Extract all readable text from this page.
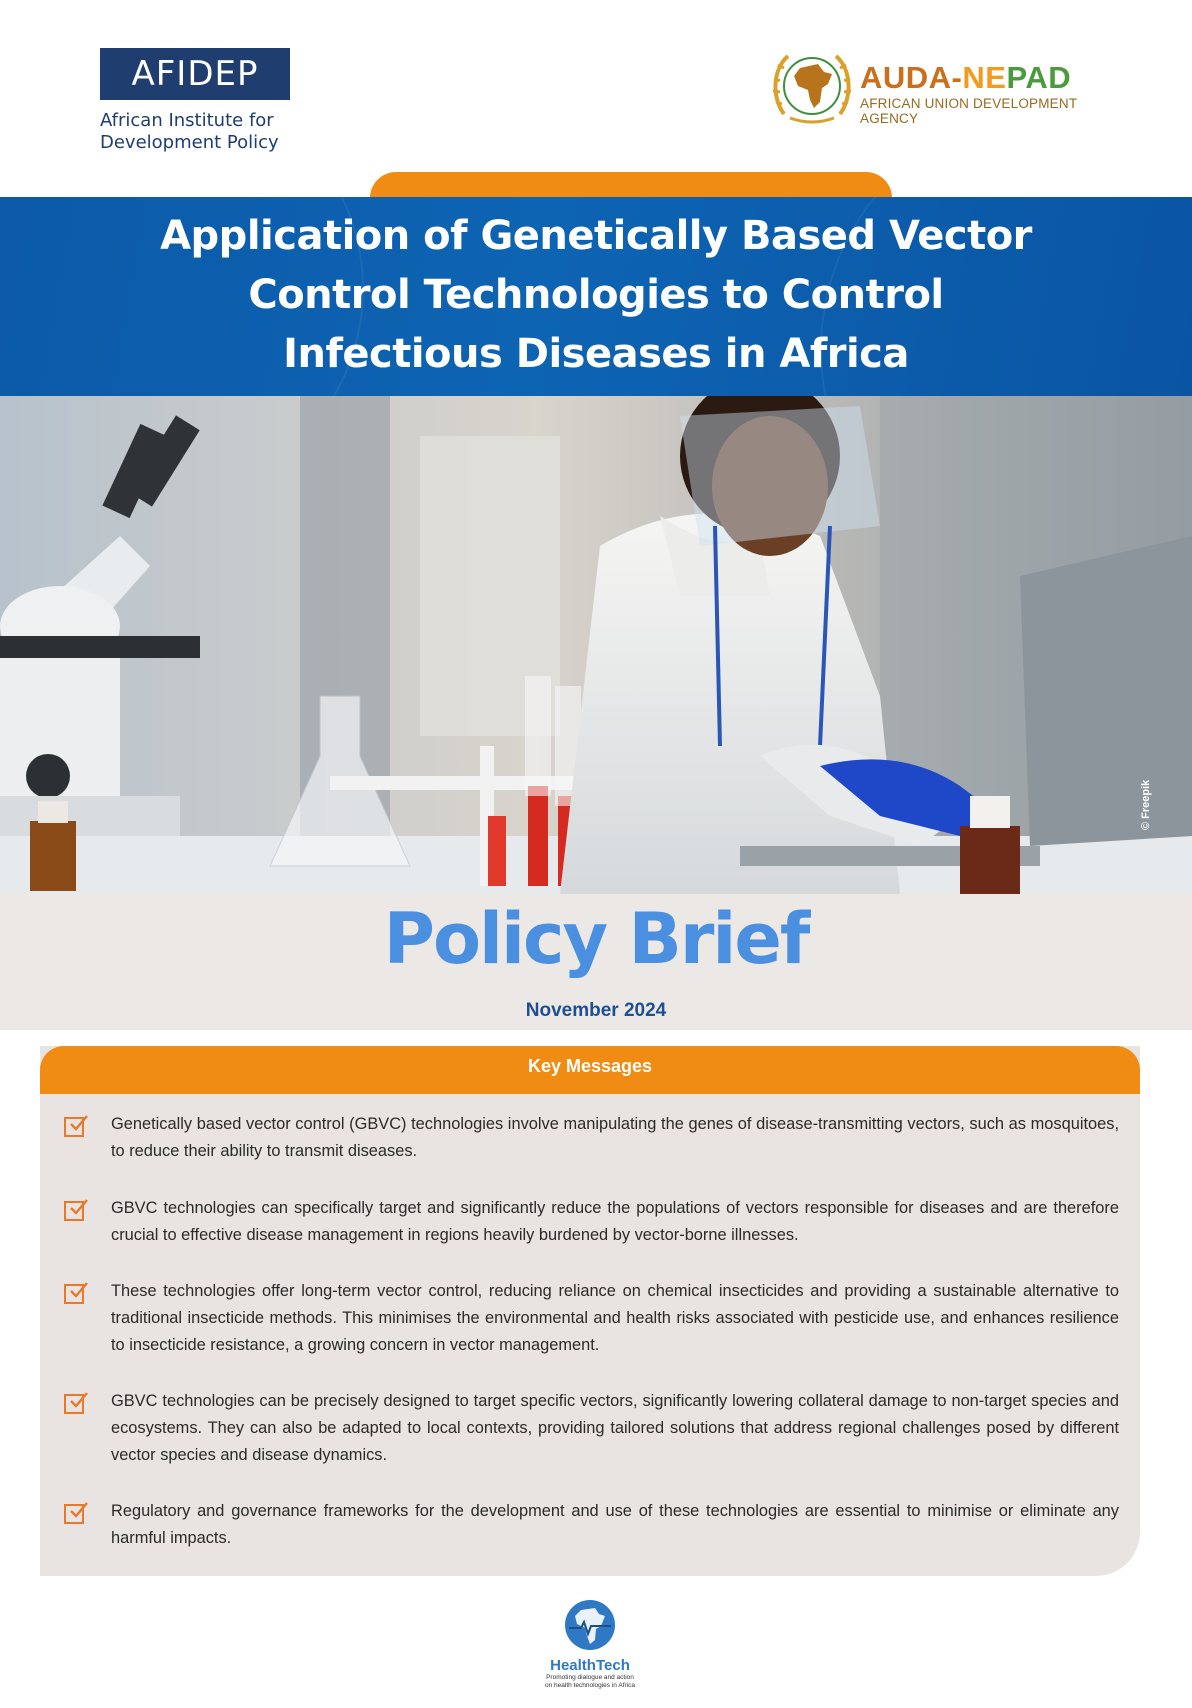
AFIDEP
African Institute for
Development Policy
AUDA-NEPAD
AFRICAN UNION DEVELOPMENT AGENCY
Application of Genetically Based Vector
Control Technologies to Control
Infectious Diseases in Africa
© Freepik
Policy Brief
November 2024
Key Messages
Genetically based vector control (GBVC) technologies involve manipulating the genes of disease-transmitting vectors, such as mosquitoes, to reduce their ability to transmit diseases.
GBVC technologies can specifically target and significantly reduce the populations of vectors responsible for diseases and are therefore crucial to effective disease management in regions heavily burdened by vector-borne illnesses.
These technologies offer long-term vector control, reducing reliance on chemical insecticides and providing a sustainable alternative to traditional insecticide methods. This minimises the environmental and health risks associated with pesticide use, and enhances resilience to insecticide resistance, a growing concern in vector management.
GBVC technologies can be precisely designed to target specific vectors, significantly lowering collateral damage to non-target species and ecosystems. They can also be adapted to local contexts, providing tailored solutions that address regional challenges posed by different vector species and disease dynamics.
Regulatory and governance frameworks for the development and use of these technologies are essential to minimise or eliminate any harmful impacts.
HealthTech
Promoting dialogue and action
on health technologies in Africa
